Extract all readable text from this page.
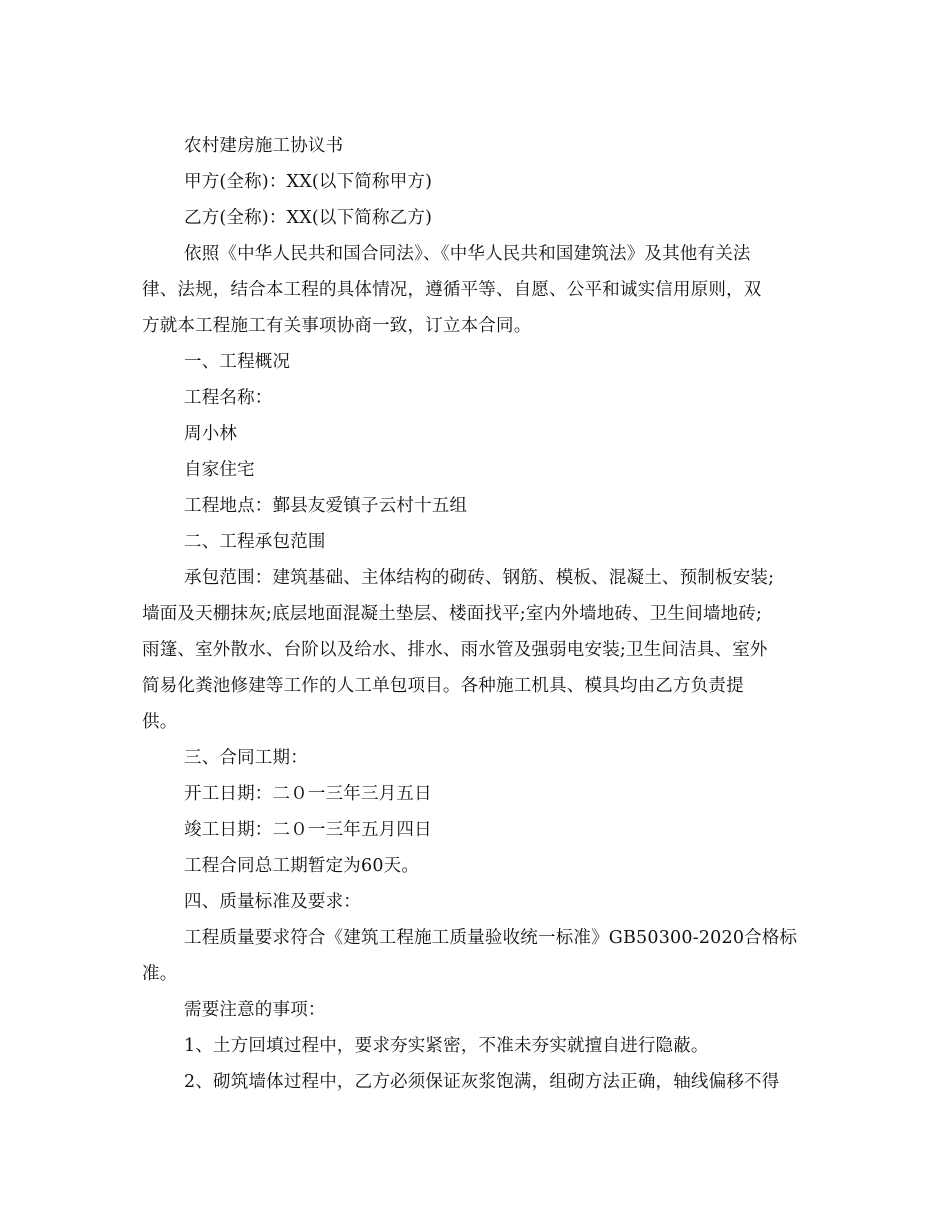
农村建房施工协议书
甲方(全称)：XX(以下简称甲方)
乙方(全称)：XX(以下简称乙方)
依照《中华人民共和国合同法》、《中华人民共和国建筑法》及其他有关法
律、法规，结合本工程的具体情况，遵循平等、自愿、公平和诚实信用原则，双
方就本工程施工有关事项协商一致，订立本合同。
一、工程概况
工程名称：
周小林
自家住宅
工程地点：鄞县友爱镇子云村十五组
二、工程承包范围
承包范围：建筑基础、主体结构的砌砖、钢筋、模板、混凝土、预制板安装;
墙面及天棚抹灰;底层地面混凝土垫层、楼面找平;室内外墙地砖、卫生间墙地砖;
雨篷、室外散水、台阶以及给水、排水、雨水管及强弱电安装;卫生间洁具、室外
简易化粪池修建等工作的人工单包项目。各种施工机具、模具均由乙方负责提
供。
三、合同工期：
开工日期：二０一三年三月五日
竣工日期：二０一三年五月四日
工程合同总工期暂定为60天。
四、质量标准及要求：
工程质量要求符合《建筑工程施工质量验收统一标准》GB50300-2020合格标
准。
需要注意的事项：
1、土方回填过程中，要求夯实紧密，不准未夯实就擅自进行隐蔽。
2、砌筑墙体过程中，乙方必须保证灰浆饱满，组砌方法正确，轴线偏移不得
